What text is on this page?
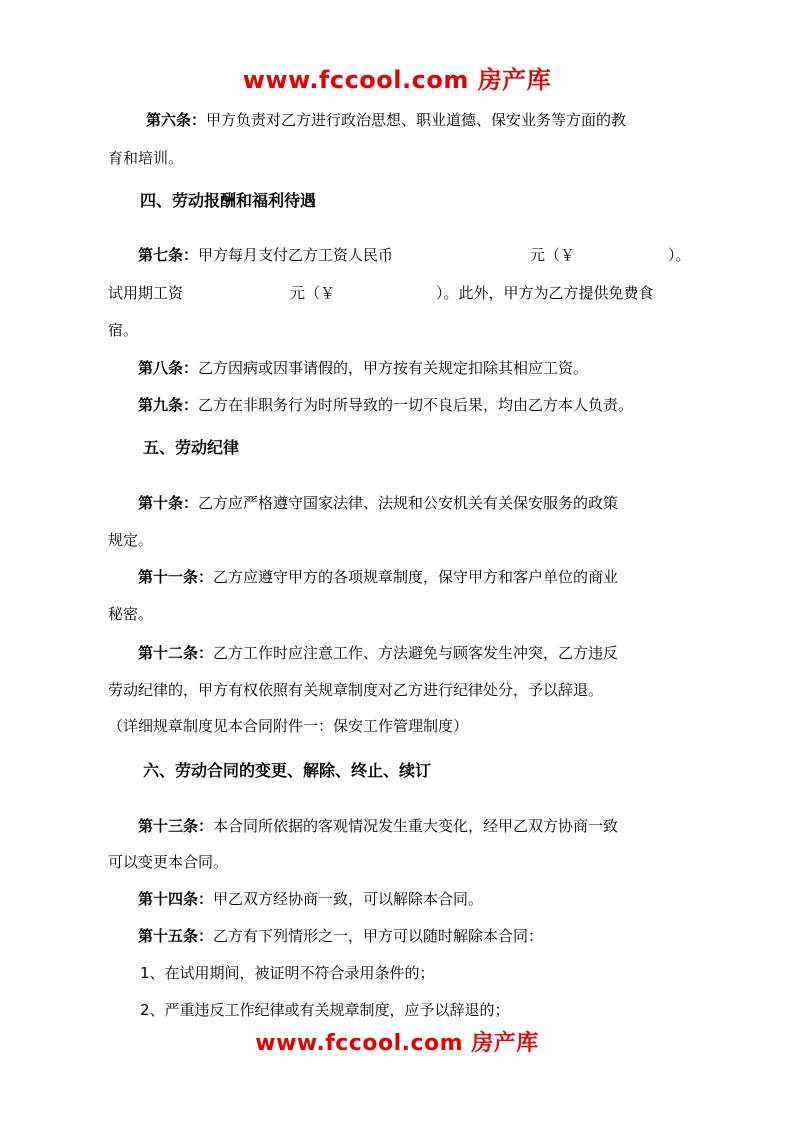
www.fccool.com 房产库
第六条：甲方负责对乙方进行政治思想、职业道德、保安业务等方面的教
育和培训。
四、劳动报酬和福利待遇
第七条：甲方每月支付乙方工资人民币	元（￥	）。
试用期工资	元（￥	）。此外，甲方为乙方提供免费食
宿。
第八条：乙方因病或因事请假的，甲方按有关规定扣除其相应工资。
第九条：乙方在非职务行为时所导致的一切不良后果，均由乙方本人负责。
五、劳动纪律
第十条：乙方应严格遵守国家法律、法规和公安机关有关保安服务的政策
规定。
第十一条：乙方应遵守甲方的各项规章制度，保守甲方和客户单位的商业
秘密。
第十二条：乙方工作时应注意工作、方法避免与顾客发生冲突，乙方违反
劳动纪律的，甲方有权依照有关规章制度对乙方进行纪律处分，予以辞退。
（详细规章制度见本合同附件一：保安工作管理制度）
六、劳动合同的变更、解除、终止、续订
第十三条：本合同所依据的客观情况发生重大变化，经甲乙双方协商一致
可以变更本合同。
第十四条：甲乙双方经协商一致，可以解除本合同。
第十五条：乙方有下列情形之一，甲方可以随时解除本合同：
1、在试用期间，被证明不符合录用条件的；
2、严重违反工作纪律或有关规章制度，应予以辞退的；
www.fccool.com 房产库
